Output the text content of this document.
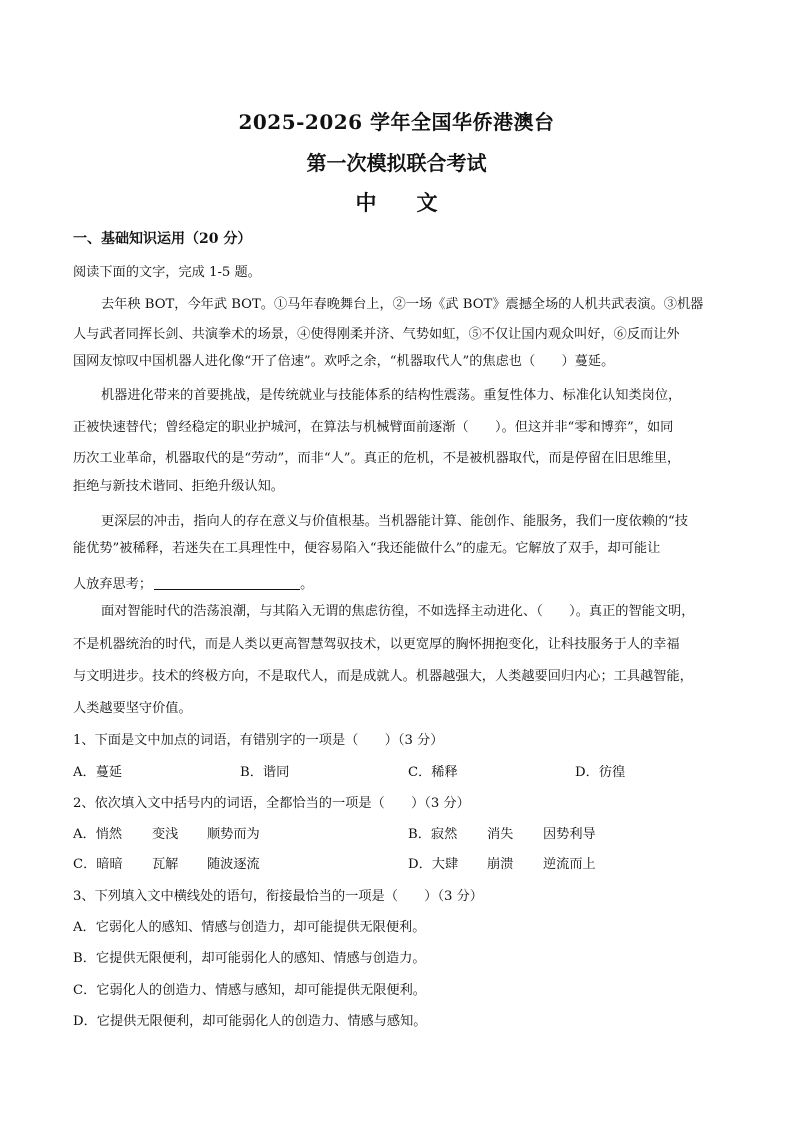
2025-2026 学年全国华侨港澳台
第一次模拟联合考试
中文
一、基础知识运用（20 分）
阅读下面的文字，完成 1-5 题。
去年秧 BOT，今年武 BOT。①马年春晚舞台上，②一场《武 BOT》震撼全场的人机共武表演。③机器
人与武者同挥长剑、共演拳术的场景，④使得刚柔并济、气势如虹，⑤不仅让国内观众叫好，⑥反而让外
国网友惊叹中国机器人进化像“开了倍速”。欢呼之余，“机器取代人”的焦虑也（　　）蔓延。
机器进化带来的首要挑战，是传统就业与技能体系的结构性震荡。重复性体力、标准化认知类岗位，
正被快速替代；曾经稳定的职业护城河，在算法与机械臂面前逐渐（　　）。但这并非“零和博弈”，如同
历次工业革命，机器取代的是“劳动”，而非“人”。真正的危机，不是被机器取代，而是停留在旧思维里，
拒绝与新技术谐同、拒绝升级认知。
更深层的冲击，指向人的存在意义与价值根基。当机器能计算、能创作、能服务，我们一度依赖的“技
能优势”被稀释，若迷失在工具理性中，便容易陷入“我还能做什么”的虚无。它解放了双手，却可能让
人放弃思考；	。
面对智能时代的浩荡浪潮，与其陷入无谓的焦虑彷徨，不如选择主动进化、（　　）。真正的智能文明，
不是机器统治的时代，而是人类以更高智慧驾驭技术，以更宽厚的胸怀拥抱变化，让科技服务于人的幸福
与文明进步。技术的终极方向，不是取代人，而是成就人。机器越强大，人类越要回归内心；工具越智能，
人类越要坚守价值。
1、下面是文中加点的词语，有错别字的一项是（　　）（3 分）
A．蔓延	B．谐同	C．稀释	D．彷徨
2、依次填入文中括号内的词语，全都恰当的一项是（　　）（3 分）
A．悄然 变浅 顺势而为	B．寂然 消失 因势利导
C．暗暗 瓦解 随波逐流	D．大肆 崩溃 逆流而上
3、下列填入文中横线处的语句，衔接最恰当的一项是（　　）（3 分）
A．它弱化人的感知、情感与创造力，却可能提供无限便利。
B．它提供无限便利，却可能弱化人的感知、情感与创造力。
C．它弱化人的创造力、情感与感知，却可能提供无限便利。
D．它提供无限便利，却可能弱化人的创造力、情感与感知。
